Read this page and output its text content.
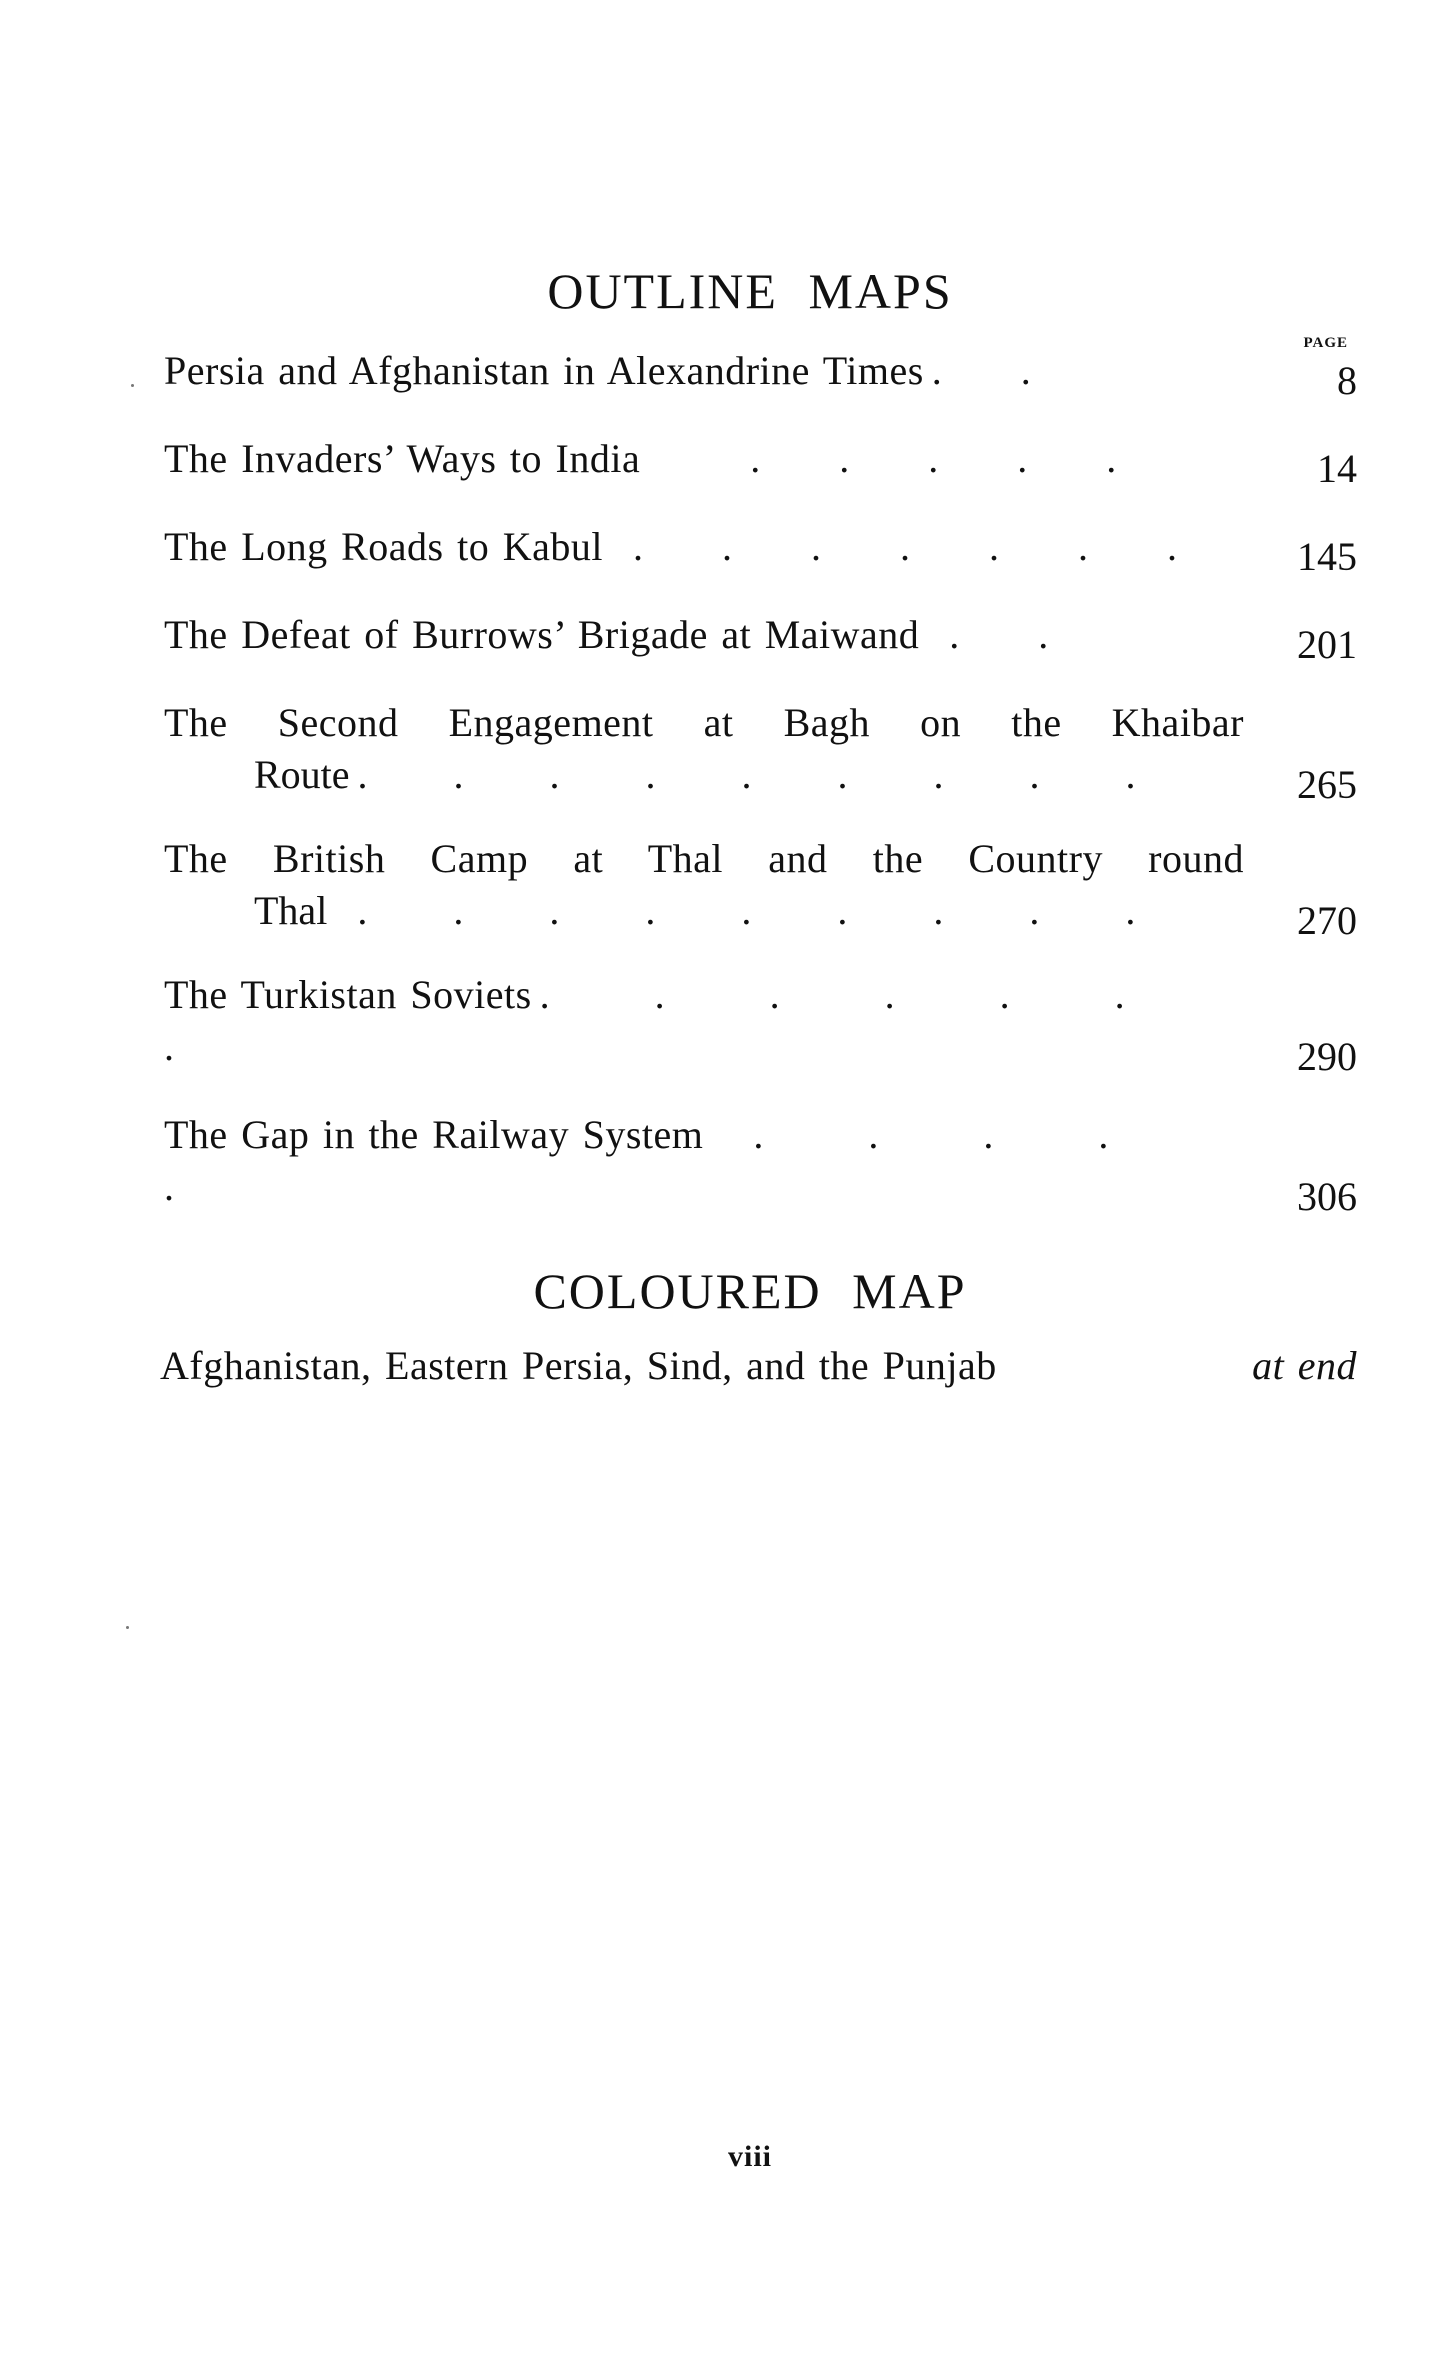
OUTLINE MAPS
PAGE
Persia and Afghanistan in Alexandrine Times . .	8
The Invaders’ Ways to India	. . . . .	14
The Long Roads to Kabul . . . . . . .	145
The Defeat of Burrows’ Brigade at Maiwand . .	201
The Second Engagement at Bagh on the Khaibar
Route . . . . . . . . .	265
The British Camp at Thal and the Country round
Thal . . . . . . . . .	270
The Turkistan Soviets . . . . . . .	290
The Gap in the Railway System . . . . .	306
COLOURED MAP
Afghanistan, Eastern Persia, Sind, and the Punjab	at end
viii
